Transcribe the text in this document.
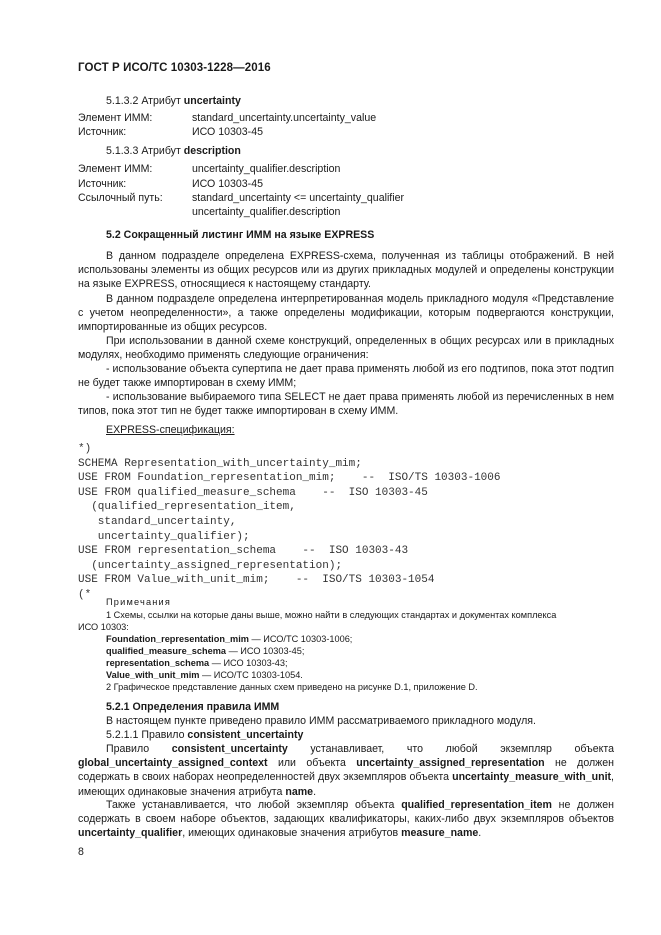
ГОСТ Р ИСО/ТС 10303-1228—2016
5.1.3.2 Атрибут uncertainty
Элемент ИММ:	standard_uncertainty.uncertainty_value
Источник:	ИСО 10303-45
5.1.3.3 Атрибут description
Элемент ИММ:	uncertainty_qualifier.description
Источник:	ИСО 10303-45
Ссылочный путь:	standard_uncertainty <= uncertainty_qualifier
uncertainty_qualifier.description
5.2 Сокращенный листинг ИММ на языке EXPRESS
В данном подразделе определена EXPRESS-схема, полученная из таблицы отображений. В ней использованы элементы из общих ресурсов или из других прикладных модулей и определены конструкции на языке EXPRESS, относящиеся к настоящему стандарту.
В данном подразделе определена интерпретированная модель прикладного модуля «Представление с учетом неопределенности», а также определены модификации, которым подвергаются конструкции, импортированные из общих ресурсов.
При использовании в данной схеме конструкций, определенных в общих ресурсах или в прикладных модулях, необходимо применять следующие ограничения:
- использование объекта супертипа не дает права применять любой из его подтипов, пока этот подтип не будет также импортирован в схему ИММ;
- использование выбираемого типа SELECT не дает права применять любой из перечисленных в нем типов, пока этот тип не будет также импортирован в схему ИММ.
EXPRESS-спецификация:
*)
SCHEMA Representation_with_uncertainty_mim;
USE FROM Foundation_representation_mim;    --  ISO/TS 10303-1006
USE FROM qualified_measure_schema    --  ISO 10303-45
(qualified_representation_item,
standard_uncertainty,
uncertainty_qualifier);
USE FROM representation_schema    --  ISO 10303-43
(uncertainty_assigned_representation);
USE FROM Value_with_unit_mim;    --  ISO/TS 10303-1054
(*
Примечания
1 Схемы, ссылки на которые даны выше, можно найти в следующих стандартах и документах комплекса
ИСО 10303:
Foundation_representation_mim — ИСО/ТС 10303-1006;
qualified_measure_schema — ИСО 10303-45;
representation_schema — ИСО 10303-43;
Value_with_unit_mim — ИСО/ТС 10303-1054.
2 Графическое представление данных схем приведено на рисунке D.1, приложение D.
5.2.1 Определения правила ИММ
В настоящем пункте приведено правило ИММ рассматриваемого прикладного модуля.
5.2.1.1 Правило consistent_uncertainty
Правило consistent_uncertainty устанавливает, что любой экземпляр объекта global_uncertainty_assigned_context или объекта uncertainty_assigned_representation не должен содержать в своих наборах неопределенностей двух экземпляров объекта uncertainty_measure_with_unit, имеющих одинаковые значения атрибута name.
Также устанавливается, что любой экземпляр объекта qualified_representation_item не должен содержать в своем наборе объектов, задающих квалификаторы, каких-либо двух экземпляров объектов uncertainty_qualifier, имеющих одинаковые значения атрибутов measure_name.
8
